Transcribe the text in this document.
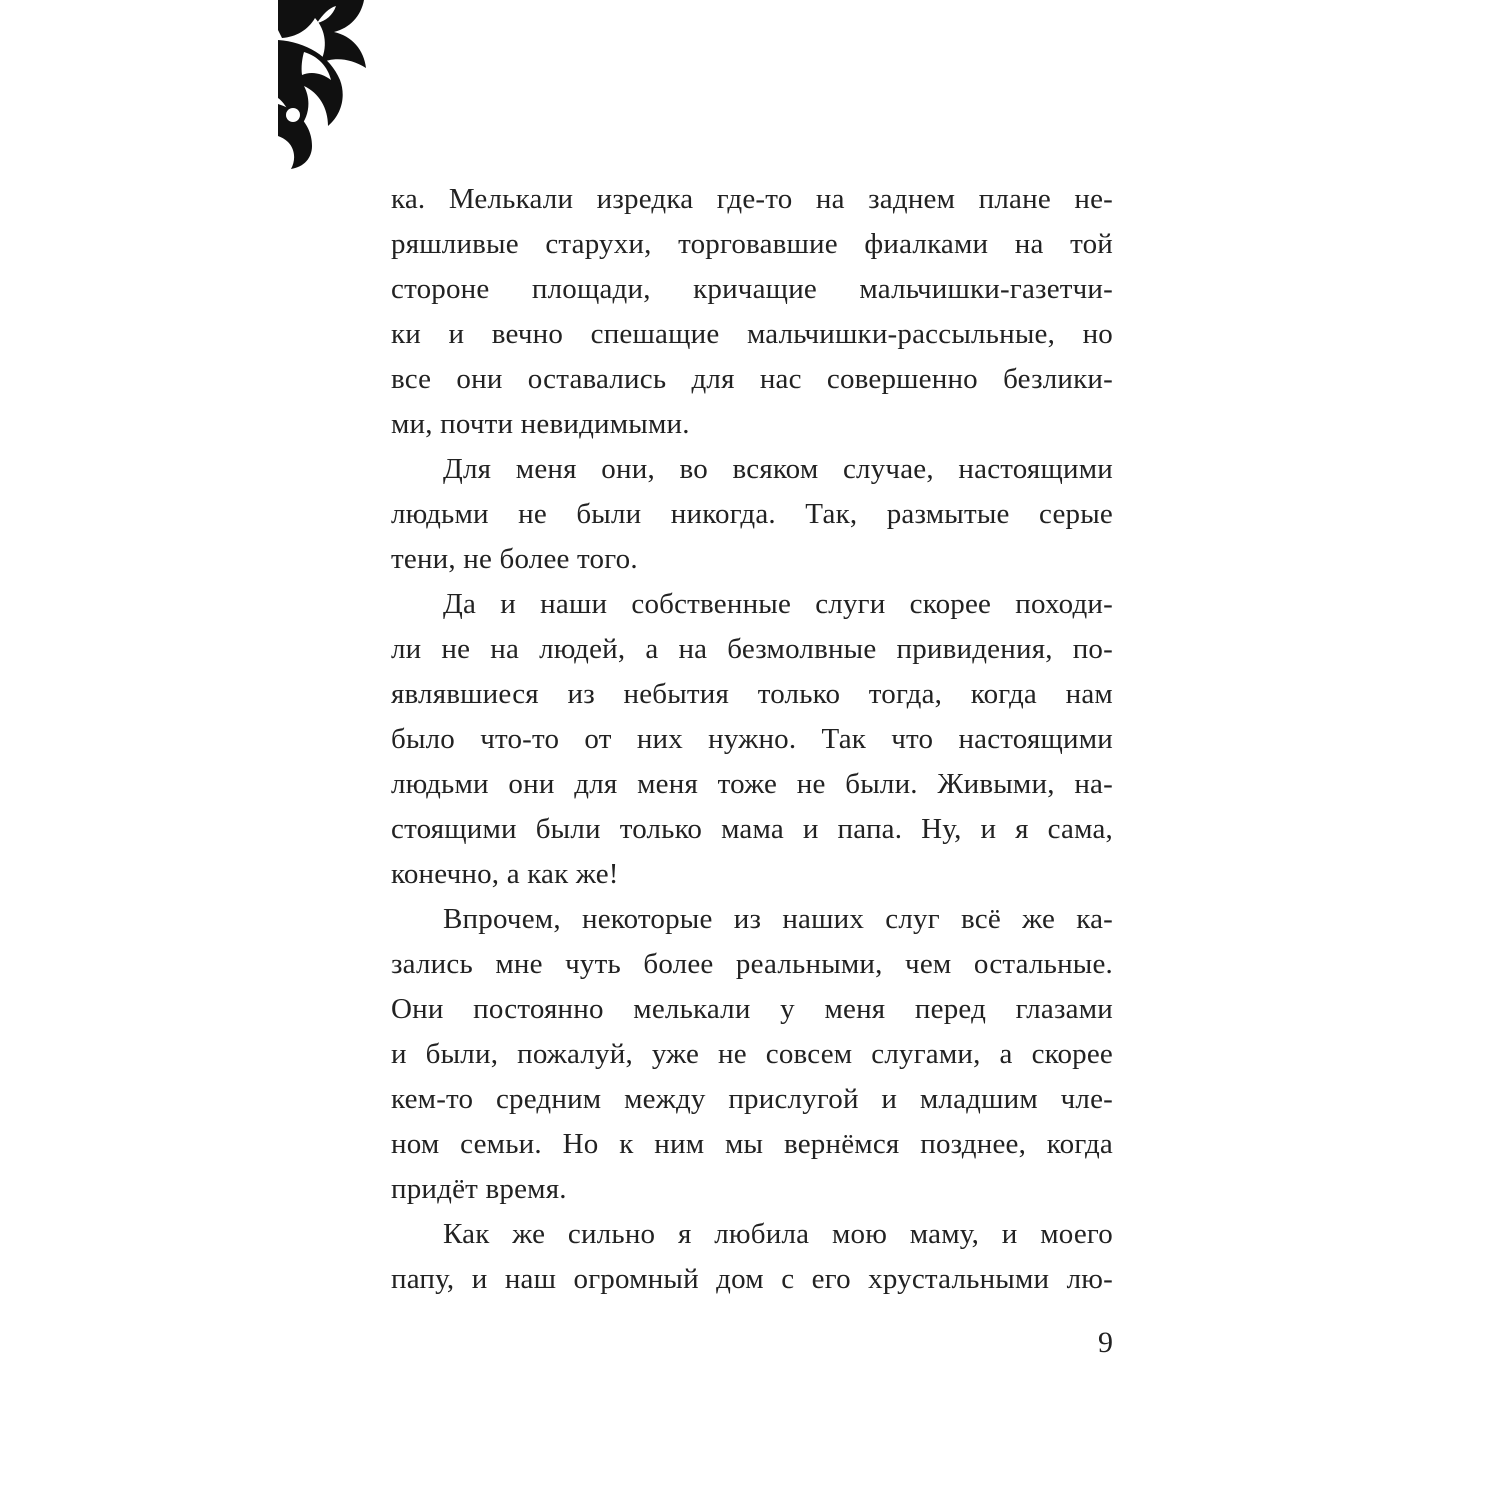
ка. Мелькали изредка где-то на заднем плане не-
ряшливые старухи, торговавшие фиалками на той
стороне площади, кричащие мальчишки-газетчи-
ки и вечно спешащие мальчишки-рассыльные, но
все они оставались для нас совершенно безлики-
ми, почти невидимыми.
Для меня они, во всяком случае, настоящими
людьми не были никогда. Так, размытые серые
тени, не более того.
Да и наши собственные слуги скорее походи-
ли не на людей, а на безмолвные привидения, по-
являвшиеся из небытия только тогда, когда нам
было что-то от них нужно. Так что настоящими
людьми они для меня тоже не были. Живыми, на-
стоящими были только мама и папа. Ну, и я сама,
конечно, а как же!
Впрочем, некоторые из наших слуг всё же ка-
зались мне чуть более реальными, чем остальные.
Они постоянно мелькали у меня перед глазами
и были, пожалуй, уже не совсем слугами, а скорее
кем-то средним между прислугой и младшим чле-
ном семьи. Но к ним мы вернёмся позднее, когда
придёт время.
Как же сильно я любила мою маму, и моего
папу, и наш огромный дом с его хрустальными лю-
9
